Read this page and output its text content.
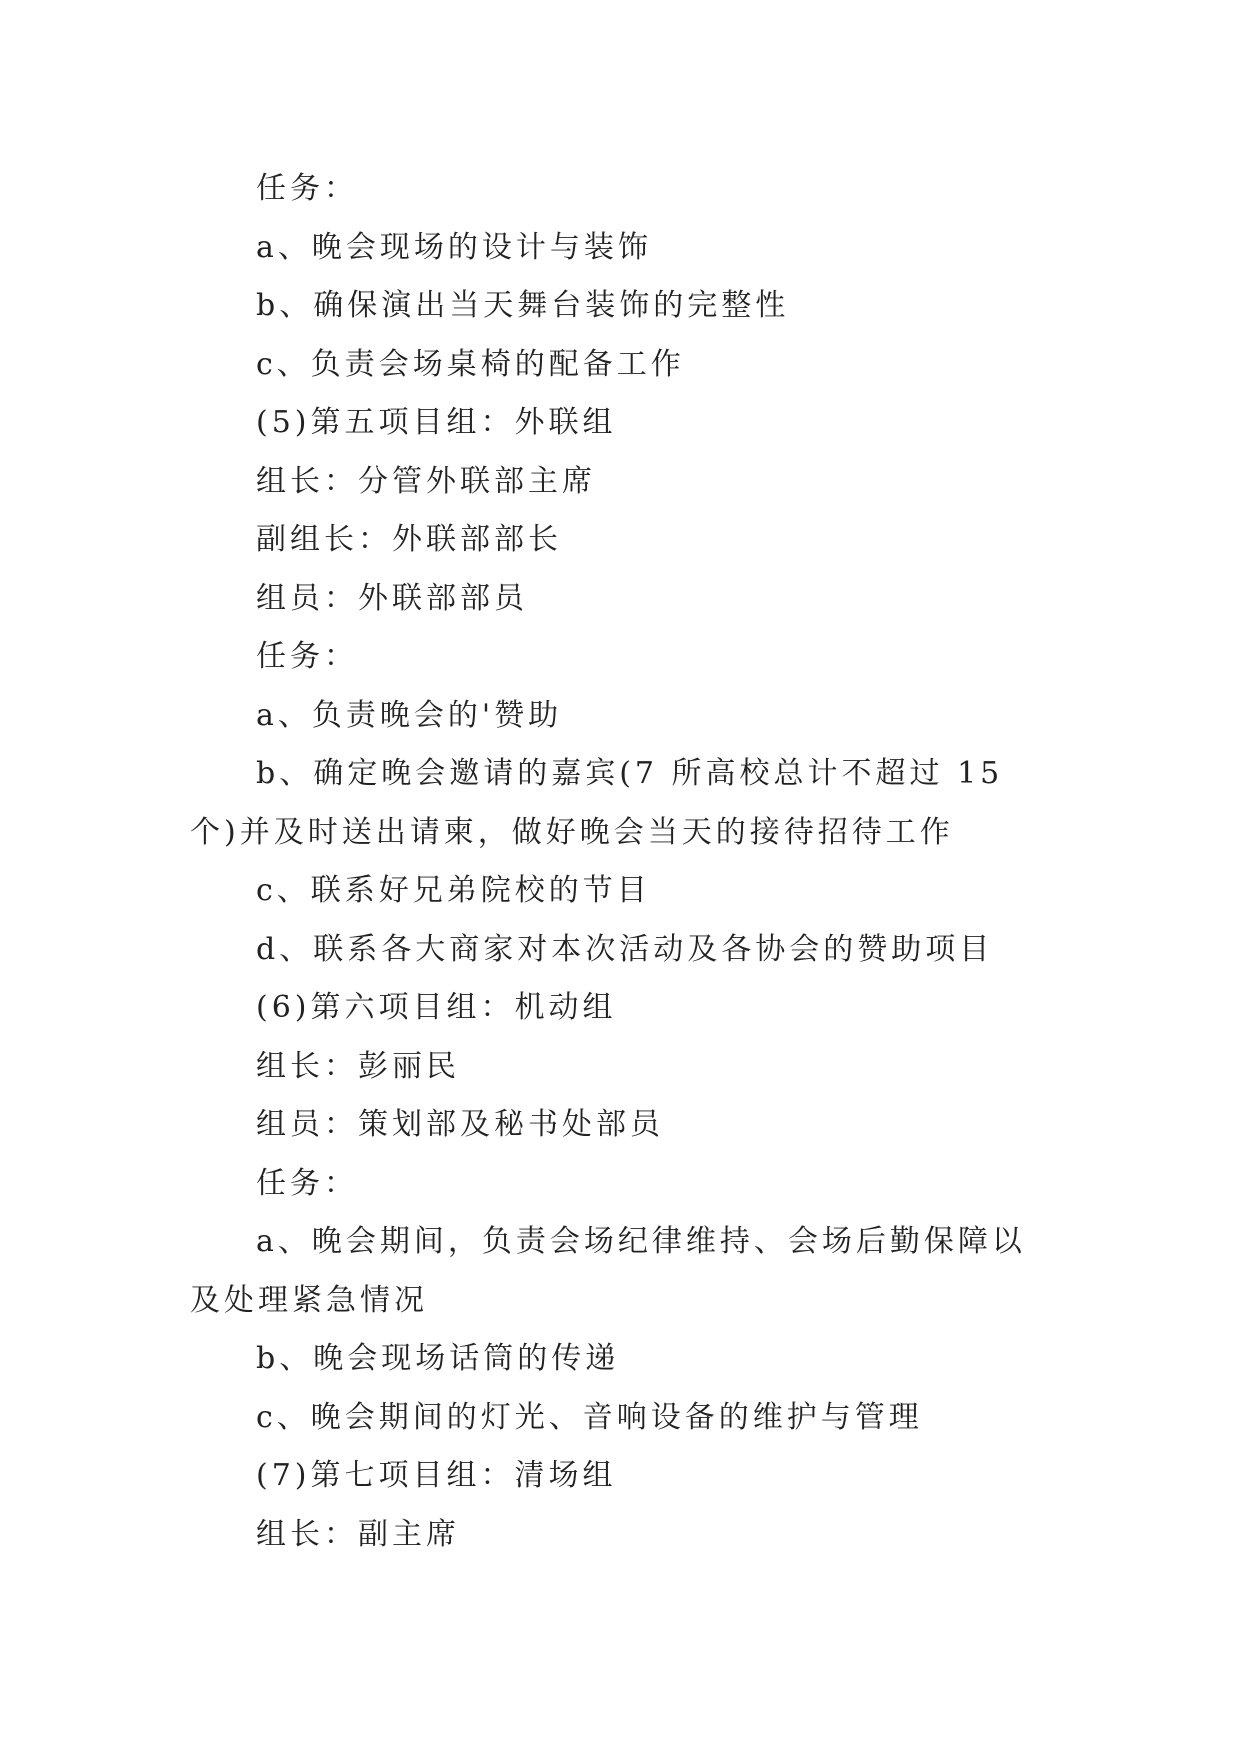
任务：

a、晚会现场的设计与装饰

b、确保演出当天舞台装饰的完整性

c、负责会场桌椅的配备工作

(5)第五项目组：外联组

组长：分管外联部主席

副组长：外联部部长

组员：外联部部员

任务：

a、负责晚会的'赞助

b、确定晚会邀请的嘉宾(7 所高校总计不超过 15 个)并及时送出请柬，做好晚会当天的接待招待工作

c、联系好兄弟院校的节目

d、联系各大商家对本次活动及各协会的赞助项目

(6)第六项目组：机动组

组长：彭丽民

组员：策划部及秘书处部员

任务：

a、晚会期间，负责会场纪律维持、会场后勤保障以及处理紧急情况

b、晚会现场话筒的传递

c、晚会期间的灯光、音响设备的维护与管理

(7)第七项目组：清场组

组长：副主席
